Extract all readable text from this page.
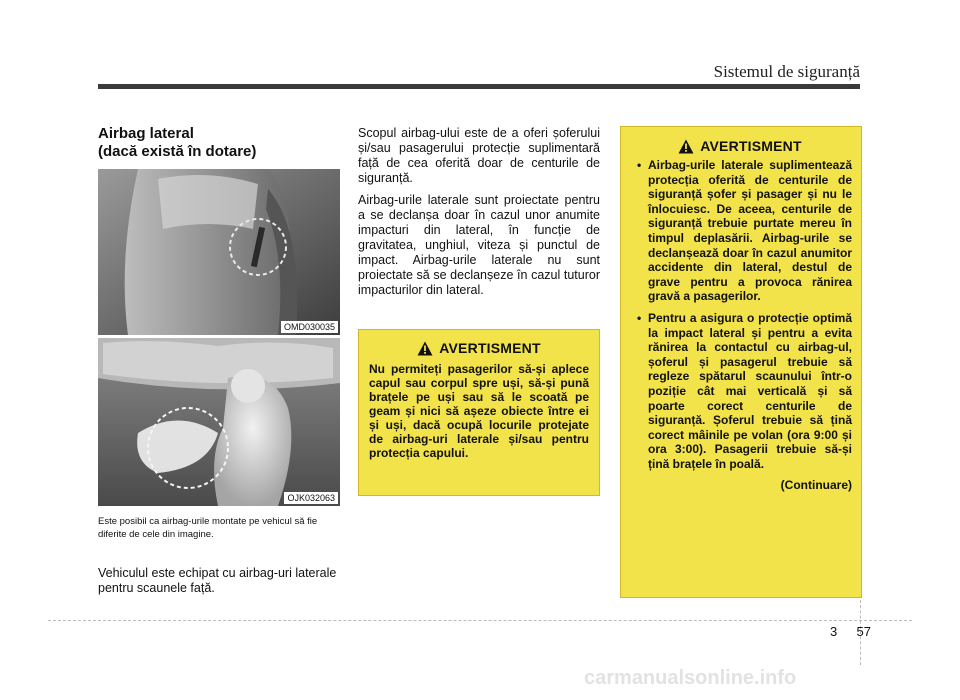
Sistemul de siguranță
Airbag lateral
(dacă există în dotare)
OMD030035
OJK032063
Este posibil ca airbag-urile montate pe vehicul să fie diferite de cele din imagine.
Vehiculul este echipat cu airbag-uri laterale pentru scaunele față.

Scopul airbag-ului este de a oferi șoferului și/sau pasagerului protecție suplimentară față de cea oferită doar de centurile de siguranță.

Airbag-urile laterale sunt proiectate pentru a se declanșa doar în cazul unor anumite impacturi din lateral, în funcție de gravitatea, unghiul, viteza și punctul de impact. Airbag-urile laterale nu sunt proiectate să se declanșeze în cazul tuturor impacturilor din lateral.

AVERTISMENT
Nu permiteți pasagerilor să-și aplece capul sau corpul spre uși, să-și pună brațele pe uși sau să le scoată pe geam și nici să așeze obiecte între ei și uși, dacă ocupă locurile protejate de airbag-uri laterale și/sau pentru protecția capului.
AVERTISMENT
• Airbag-urile laterale suplimentează protecția oferită de centurile de siguranță șofer și pasager și nu le înlocuiesc. De aceea, centurile de siguranță trebuie purtate mereu în timpul deplasării. Airbag-urile se declanșează doar în cazul anumitor accidente din lateral, destul de grave pentru a provoca rănirea gravă a pasagerilor.
• Pentru a asigura o protecție optimă la impact lateral și pentru a evita rănirea la contactul cu airbag-ul, șoferul și pasagerul trebuie să regleze spătarul scaunului într-o poziție cât mai verticală și să poarte corect centurile de siguranță. Șoferul trebuie să țină corect mâinile pe volan (ora 9:00 și ora 3:00). Pasagerii trebuie să-și țină brațele în poală.
(Continuare)
3 57
carmanualsonline.info
